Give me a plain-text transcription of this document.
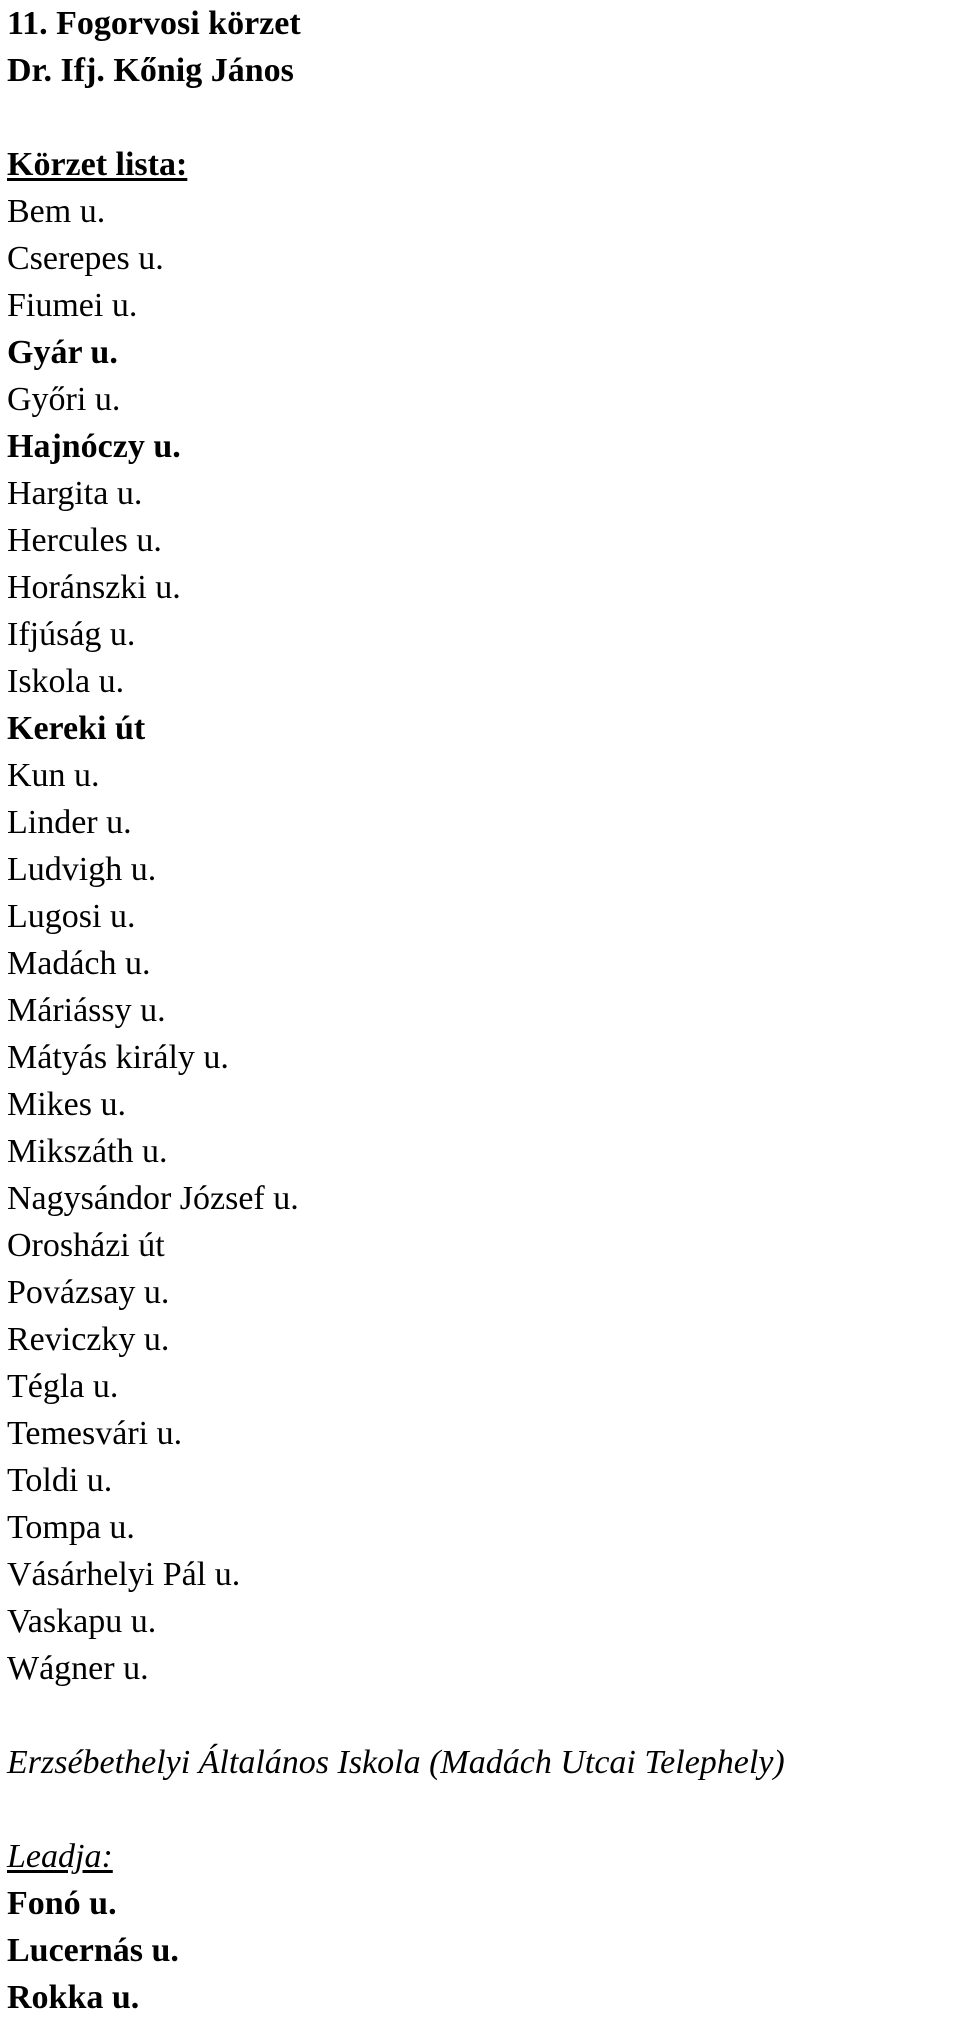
11. Fogorvosi körzet

Dr. Ifj. Kőnig János

Körzet lista:

Bem u.
Cserepes u.
Fiumei u.
Gyár u.
Győri u.
Hajnóczy u.
Hargita u.
Hercules u.
Horánszki u.
Ifjúság u.
Iskola u.
Kereki út
Kun u.
Linder u.
Ludvigh u.
Lugosi u.
Madách u.
Máriássy u.
Mátyás király u.
Mikes u.
Mikszáth u.
Nagysándor József u.
Orosházi út
Povázsay u.
Reviczky u.
Tégla u.
Temesvári u.
Toldi u.
Tompa u.
Vásárhelyi Pál u.
Vaskapu u.
Wágner u.

Erzsébethelyi Általános Iskola (Madách Utcai Telephely)

Leadja:

Fonó u.
Lucernás u.
Rokka u.
